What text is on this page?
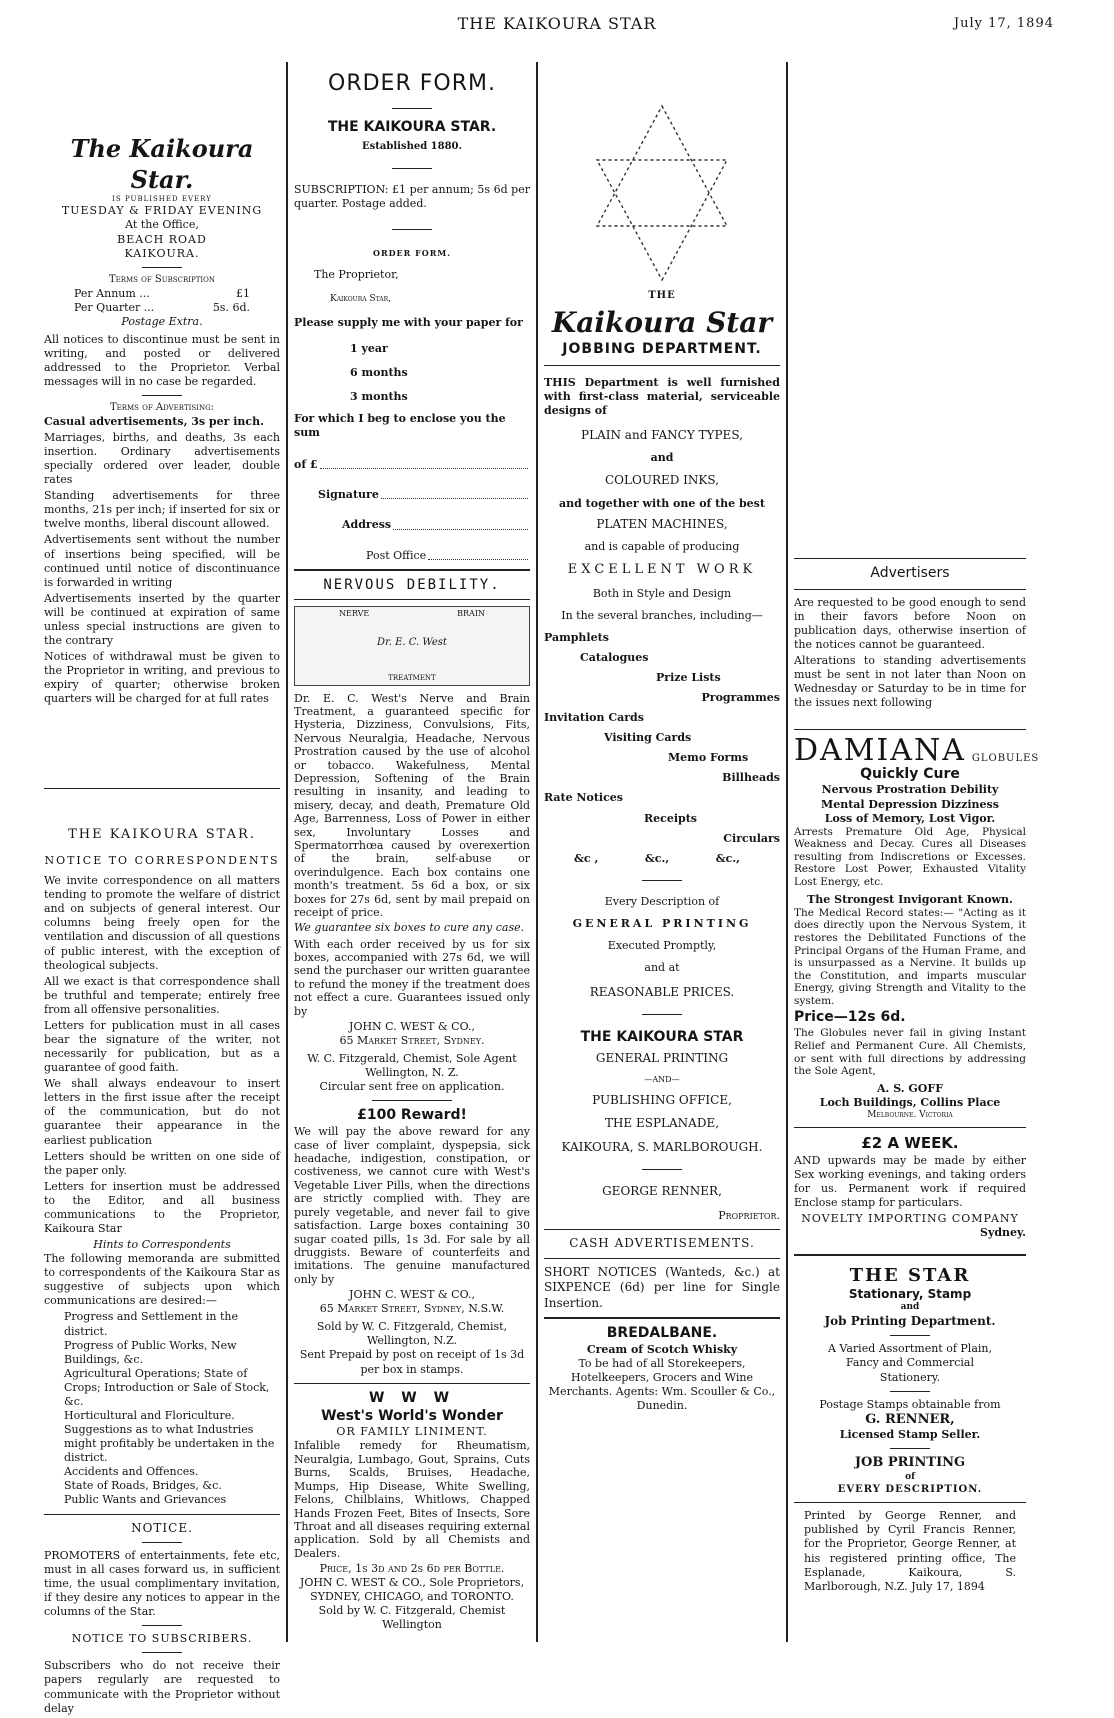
THE KAIKOURA STAR	July 17, 1894
The Kaikoura Star.
IS PUBLISHED EVERY
TUESDAY & FRIDAY EVENING
At the Office,
BEACH ROAD
KAIKOURA.
Terms of Subscription
Per Annum ...	£1
Per Quarter ...	5s. 6d.
Postage Extra.

All notices to discontinue must be sent in writing, and posted or delivered addressed to the Proprietor. Verbal messages will in no case be regarded.

Terms of Advertising:

Casual advertisements, 3s per inch.

Marriages, births, and deaths, 3s each insertion. Ordinary advertisements specially ordered over leader, double rates

Standing advertisements for three months, 21s per inch; if inserted for six or twelve months, liberal discount allowed.

Advertisements sent without the number of insertions being specified, will be continued until notice of discontinuance is forwarded in writing

Advertisements inserted by the quarter will be continued at expiration of same unless special instructions are given to the contrary

Notices of withdrawal must be given to the Proprietor in writing, and previous to expiry of quarter; otherwise broken quarters will be charged for at full rates

THE KAIKOURA STAR.
NOTICE TO CORRESPONDENTS

We invite correspondence on all matters tending to promote the welfare of district and on subjects of general interest. Our columns being freely open for the ventilation and discussion of all questions of public interest, with the exception of theological subjects.

All we exact is that correspondence shall be truthful and temperate; entirely free from all offensive personalities.

Letters for publication must in all cases bear the signature of the writer, not necessarily for publication, but as a guarantee of good faith.

We shall always endeavour to insert letters in the first issue after the receipt of the communication, but do not guarantee their appearance in the earliest publication

Letters should be written on one side of the paper only.

Letters for insertion must be addressed to the Editor, and all business communications to the Proprietor, Kaikoura Star

Hints to Correspondents

The following memoranda are submitted to correspondents of the Kaikoura Star as suggestive of subjects upon which communications are desired:—

Progress and Settlement in the district.
Progress of Public Works, New Buildings, &c.
Agricultural Operations; State of Crops; Introduction or Sale of Stock, &c.
Horticultural and Floriculture.
Suggestions as to what Industries might profitably be undertaken in the district.
Accidents and Offences.
State of Roads, Bridges, &c.
Public Wants and Grievances
NOTICE.

PROMOTERS of entertainments, fete etc, must in all cases forward us, in sufficient time, the usual complimentary invitation, if they desire any notices to appear in the columns of the Star.

NOTICE TO SUBSCRIBERS.

Subscribers who do not receive their papers regularly are requested to communicate with the Proprietor without delay

ORDER FORM.
THE KAIKOURA STAR.
Established 1880.

SUBSCRIPTION: £1 per annum; 5s 6d per quarter. Postage added.

ORDER FORM.
The Proprietor,
Kaikoura Star,

Please supply me with your paper for

1 year
6 months
3 months

For which I beg to enclose you the sum

of £
Signature
Address
Post Office
NERVOUS DEBILITY.
NERVE	BRAIN
Dr. E. C. West
TREATMENT

Dr. E. C. West's Nerve and Brain Treatment, a guaranteed specific for Hysteria, Dizziness, Convulsions, Fits, Nervous Neuralgia, Headache, Nervous Prostration caused by the use of alcohol or tobacco. Wakefulness, Mental Depression, Softening of the Brain resulting in insanity, and leading to misery, decay, and death, Premature Old Age, Barrenness, Loss of Power in either sex, Involuntary Losses and Spermatorrhœa caused by overexertion of the brain, self-abuse or overindulgence. Each box contains one month's treatment. 5s 6d a box, or six boxes for 27s 6d, sent by mail prepaid on receipt of price.

We guarantee six boxes to cure any case.

With each order received by us for six boxes, accompanied with 27s 6d, we will send the purchaser our written guarantee to refund the money if the treatment does not effect a cure. Guarantees issued only by

JOHN C. WEST & CO.,
65 Market Street, Sydney.
W. C. Fitzgerald, Chemist, Sole Agent Wellington, N. Z.
Circular sent free on application.
£100 Reward!

We will pay the above reward for any case of liver complaint, dyspepsia, sick headache, indigestion, constipation, or costiveness, we cannot cure with West's Vegetable Liver Pills, when the directions are strictly complied with. They are purely vegetable, and never fail to give satisfaction. Large boxes containing 30 sugar coated pills, 1s 3d. For sale by all druggists. Beware of counterfeits and imitations. The genuine manufactured only by

JOHN C. WEST & CO.,
65 Market Street, Sydney, N.S.W.
Sold by W. C. Fitzgerald, Chemist, Wellington, N.Z.
Sent Prepaid by post on receipt of 1s 3d per box in stamps.
W W W
West's World's Wonder
OR FAMILY LINIMENT.

Infalible remedy for Rheumatism, Neuralgia, Lumbago, Gout, Sprains, Cuts Burns, Scalds, Bruises, Headache, Mumps, Hip Disease, White Swelling, Felons, Chilblains, Whitlows, Chapped Hands Frozen Feet, Bites of Insects, Sore Throat and all diseases requiring external application. Sold by all Chemists and Dealers.

Price, 1s 3d and 2s 6d per Bottle.
JOHN C. WEST & CO., Sole Proprietors, SYDNEY, CHICAGO, and TORONTO.
Sold by W. C. Fitzgerald, Chemist Wellington
THE
Kaikoura Star
JOBBING DEPARTMENT.

THIS Department is well furnished with first-class material, serviceable designs of

PLAIN and FANCY TYPES,
and
COLOURED INKS,
and together with one of the best
PLATEN MACHINES,
and is capable of producing
EXCELLENT WORK
Both in Style and Design
In the several branches, including—
Pamphlets
Catalogues
Prize Lists
Programmes
Invitation Cards
Visiting Cards
Memo Forms
Billheads
Rate Notices
Receipts
Circulars
&c ,	&c.,	&c.,
Every Description of
GENERAL PRINTING
Executed Promptly,
and at
REASONABLE PRICES.
THE KAIKOURA STAR
GENERAL PRINTING
—AND—
PUBLISHING OFFICE,
THE ESPLANADE,
KAIKOURA, S. MARLBOROUGH.
GEORGE RENNER,
Proprietor.
CASH ADVERTISEMENTS.

SHORT NOTICES (Wanteds, &c.) at SIXPENCE (6d) per line for Single Insertion.

BREDALBANE.
Cream of Scotch Whisky

To be had of all Storekeepers, Hotelkeepers, Grocers and Wine Merchants. Agents: Wm. Scouller & Co., Dunedin.

Advertisers

Are requested to be good enough to send in their favors before Noon on publication days, otherwise insertion of the notices cannot be guaranteed.

Alterations to standing advertisements must be sent in not later than Noon on Wednesday or Saturday to be in time for the issues next following

DAMIANA GLOBULES
Quickly Cure
Nervous Prostration Debility
Mental Depression Dizziness
Loss of Memory, Lost Vigor.

Arrests Premature Old Age, Physical Weakness and Decay. Cures all Diseases resulting from Indiscretions or Excesses. Restore Lost Power, Exhausted Vitality Lost Energy, etc.

The Strongest Invigorant Known.

The Medical Record states:— "Acting as it does directly upon the Nervous System, it restores the Debilitated Functions of the Principal Organs of the Human Frame, and is unsurpassed as a Nervine. It builds up the Constitution, and imparts muscular Energy, giving Strength and Vitality to the system.

Price—12s 6d.

The Globules never fail in giving Instant Relief and Permanent Cure. All Chemists, or sent with full directions by addressing the Sole Agent,

A. S. GOFF
Loch Buildings, Collins Place
Melbourne. Victoria
£2 A WEEK.

AND upwards may be made by either Sex working evenings, and taking orders for us. Permanent work if required Enclose stamp for particulars.

NOVELTY IMPORTING COMPANY
Sydney.
THE STAR
Stationary, Stamp
and
Job Printing Department.

A Varied Assortment of Plain, Fancy and Commercial Stationery.

Postage Stamps obtainable from
G. RENNER,
Licensed Stamp Seller.
JOB PRINTING
of
EVERY DESCRIPTION.

Printed by George Renner, and published by Cyril Francis Renner, for the Proprietor, George Renner, at his registered printing office, The Esplanade, Kaikoura, S. Marlborough, N.Z. July 17, 1894
